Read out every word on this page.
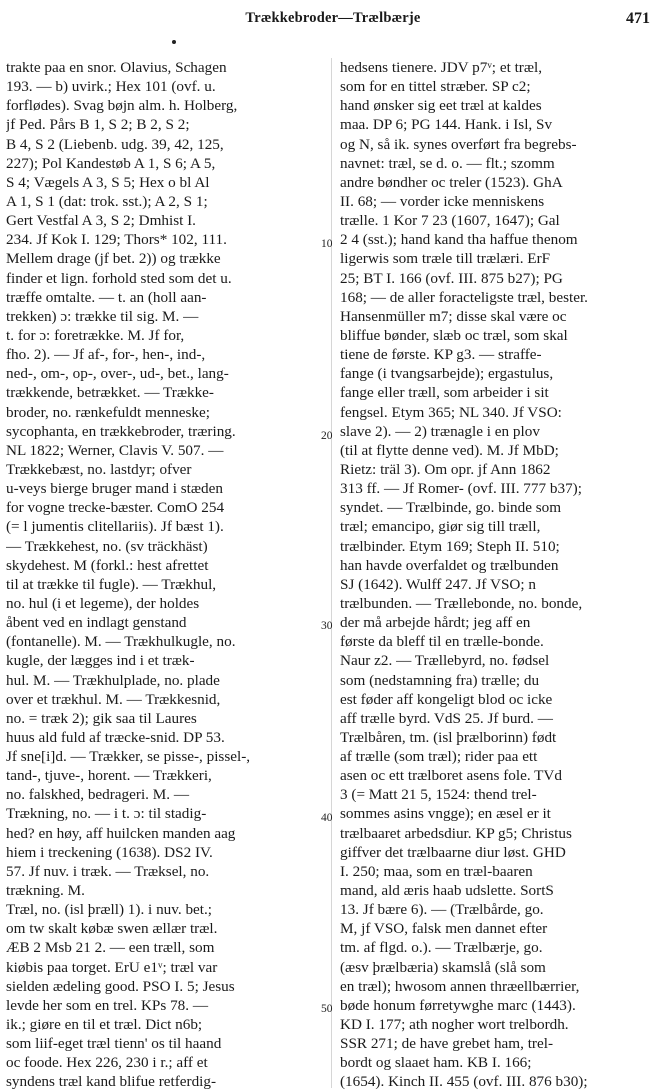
Trækkebroder—Trælbærje	471
trakte paa en snor. Olavius, Schagen
193. — b) uvirk.; Hex 101 (ovf. u.
forflødes). Svag bøjn alm. h. Holberg,
jf Ped. Pårs B 1, S 2; B 2, S 2;
B 4, S 2 (Liebenb. udg. 39, 42, 125,
227); Pol Kandestøb A 1, S 6; A 5,
S 4; Vægels A 3, S 5; Hex o bl Al
A 1, S 1 (dat: trok. sst.); A 2, S 1;
Gert Vestfal A 3, S 2; Dmhist I.
234. Jf Kok I. 129; Thors* 102, 111.
Mellem drage (jf bet. 2)) og trække
finder et lign. forhold sted som det u.
træffe omtalte. — t. an (holl aan-
trekken) ɔ: trække til sig. M. —
t. for ɔ: foretrække. M. Jf for,
fho. 2). — Jf af-, for-, hen-, ind-,
ned-, om-, op-, over-, ud-, bet., lang-
trækkende, betrækket. — Trække-
broder, no. rænkefuldt menneske;
sycophanta, en trækkebroder, træring.
NL 1822; Werner, Clavis V. 507. —
Trækkebæst, no. lastdyr; ofver
u-veys bierge bruger mand i stæden
for vogne trecke-bæster. ComO 254
(= l jumentis clitellariis). Jf bæst 1).
— Trækkehest, no. (sv träckhäst)
skydehest. M (forkl.: hest afrettet
til at trække til fugle). — Trækhul,
no. hul (i et legeme), der holdes
åbent ved en indlagt genstand
(fontanelle). M. — Trækhulkugle, no.
kugle, der lægges ind i et træk-
hul. M. — Trækhulplade, no. plade
over et trækhul. M. — Trækkesnid,
no. = træk 2); gik saa til Laures
huus ald fuld af træcke-snid. DP 53.
Jf sne[i]d. — Trækker, se pisse-, pissel-,
tand-, tjuve-, horent. — Trækkeri,
no. falskhed, bedrageri. M. —
Trækning, no. — i t. ɔ: til stadig-
hed? en høy, aff huilcken manden aag
hiem i treckening (1638). DS2 IV.
57. Jf nuv. i træk. — Træksel, no.
trækning. M.
Træl, no. (isl þræll) 1). i nuv. bet.;
om tw skalt købæ swen ællær træl.
ÆB 2 Msb 21 2. — een træll, som
kiøbis paa torget. ErU e1ᵛ; træl var
sielden ædeling good. PSO I. 5; Jesus
levde her som en trel. KPs 78. —
ik.; giøre en til et træl. Dict n6b;
som liif-eget træl tienn' os til haand
oc foode. Hex 226, 230 i r.; aff et
syndens træl kand blifue retferdig-
hedsens tienere. JDV p7ᵛ; et træl,
som for en tittel stræber. SP c2;
hand ønsker sig eet træl at kaldes
maa. DP 6; PG 144. Hank. i Isl, Sv
og N, så ik. synes overført fra begrebs-
navnet: træl, se d. o. — flt.; szomm
andre bøndher oc treler (1523). GhA
II. 68; — vorder icke menniskens
trælle. 1 Kor 7 23 (1607, 1647); Gal
2 4 (sst.); hand kand tha haffue thenom
ligerwis som træle till trælæri. ErF
25; BT I. 166 (ovf. III. 875 b27); PG
168; — de aller foracteligste træl, bester.
Hansenmüller m7; disse skal være oc
bliffue bønder, slæb oc træl, som skal
tiene de første. KP g3. — straffe-
fange (i tvangsarbejde); ergastulus,
fange eller træll, som arbeider i sit
fengsel. Etym 365; NL 340. Jf VSO:
slave 2). — 2) trænagle i en plov
(til at flytte denne ved). M. Jf MbD;
Rietz: träl 3). Om opr. jf Ann 1862
313 ff. — Jf Romer- (ovf. III. 777 b37);
syndet. — Trælbinde, go. binde som
træl; emancipo, giør sig till træll,
trælbinder. Etym 169; Steph II. 510;
han havde overfaldet og trælbunden
SJ (1642). Wulff 247. Jf VSO; n
trælbunden. — Trællebonde, no. bonde,
der må arbejde hårdt; jeg aff en
første da bleff til en trælle-bonde.
Naur z2. — Trællebyrd, no. fødsel
som (nedstamning fra) trælle; du
est føder aff kongeligt blod oc icke
aff trælle byrd. VdS 25. Jf burd. —
Trælbåren, tm. (isl þrælborinn) født
af trælle (som træl); rider paa ett
asen oc ett trælboret asens fole. TVd
3 (= Matt 21 5, 1524: thend trel-
sommes asins vngge); en æsel er it
trælbaaret arbedsdiur. KP g5; Christus
giffver det trælbaarne diur løst. GHD
I. 250; maa, som en træl-baaren
mand, ald æris haab udslette. SortS
13. Jf bære 6). — (Trælbårde, go.
M, jf VSO, falsk men dannet efter
tm. af flgd. o.). — Trælbærje, go.
(æsv þrælbæria) skamslå (slå som
en træl); hwosom annen thræellbærrier,
bøde honum førretywghe marc (1443).
KD I. 177; ath nogher wort trelbordh.
SSR 271; de have grebet ham, trel-
bordt og slaaet ham. KB I. 166;
(1654). Kinch II. 455 (ovf. III. 876 b30);
10
20
30
40
50
